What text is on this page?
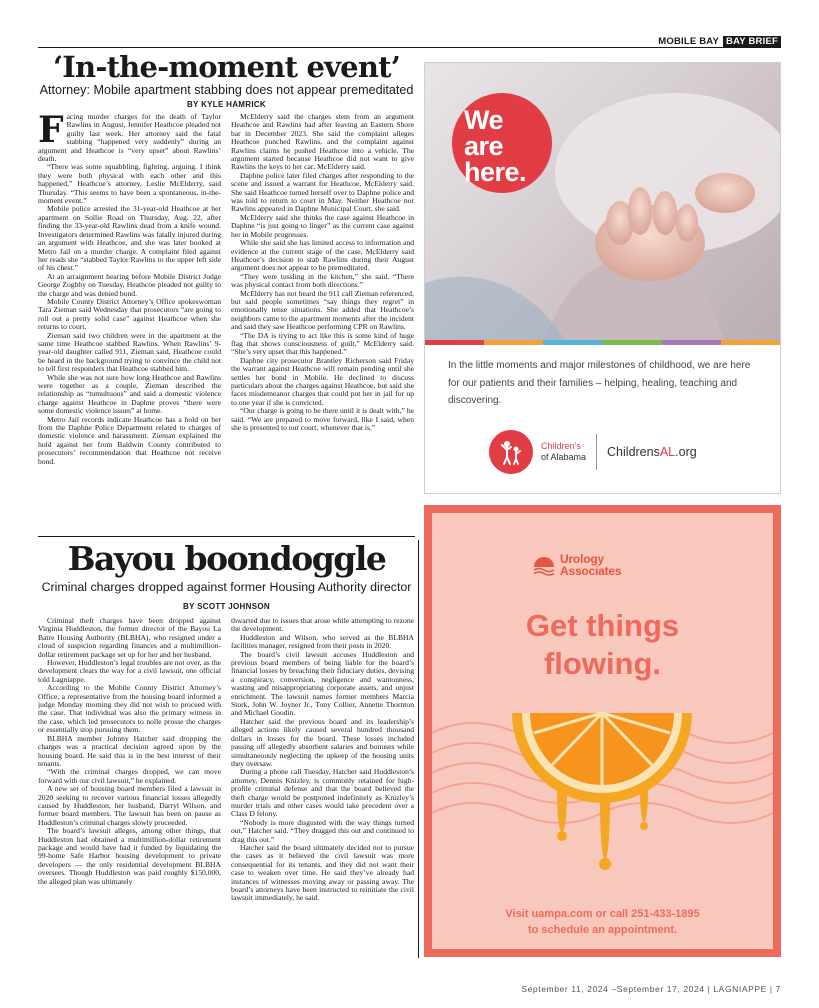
MOBILE BAY BAY BRIEF
‘In-the-moment event’
Attorney: Mobile apartment stabbing does not appear premeditated
BY KYLE HAMRICK

Facing murder charges for the death of Taylor Rawlins in August, Jennifer Heathcoe pleaded not guilty last week. Her attorney said the fatal stabbing “happened very suddenly” during an argument and Heathcoe is “very upset” about Rawlins’ death.

“There was some squabbling, fighting, arguing. I think they were both physical with each other and this happened,” Heathcoe’s attorney, Leslie McElderry, said Thursday. “This seems to have been a spontaneous, in-the-moment event.”

Mobile police arrested the 31-year-old Heathcoe at her apartment on Sollie Road on Thursday, Aug. 22, after finding the 33-year-old Rawlins dead from a knife wound. Investigators determined Rawlins was fatally injured during an argument with Heathcoe, and she was later booked at Metro Jail on a murder charge. A complaint filed against her reads she “stabbed Taylor Rawlins to the upper left side of his chest.”

At an arraignment hearing before Mobile District Judge George Zoghby on Tuesday, Heathcoe pleaded not guilty to the charge and was denied bond.

Mobile County District Attorney’s Office spokeswoman Tara Zieman said Wednesday that prosecutors “are going to roll out a pretty solid case” against Heathcoe when she returns to court.

Zieman said two children were in the apartment at the same time Heathcoe stabbed Rawlins. When Rawlins’ 9-year-old daughter called 911, Zieman said, Heathcoe could be heard in the background trying to convince the child not to tell first responders that Heathcoe stabbed him.

While she was not sure how long Heathcoe and Rawlins were together as a couple, Zieman described the relationship as “tumultuous” and said a domestic violence charge against Heathcoe in Daphne proves “there were some domestic violence issues” at home.

Metro Jail records indicate Heathcoe has a hold on her from the Daphne Police Department related to charges of domestic violence and harassment. Zieman explained the hold against her from Baldwin County contributed to prosecutors’ recommendation that Heathcoe not receive bond.

McElderry said the charges stem from an argument Heathcoe and Rawlins had after leaving an Eastern Shore bar in December 2023. She said the complaint alleges Heathcoe punched Rawlins, and the complaint against Rawlins claims he pushed Heathcoe into a vehicle. The argument started because Heathcoe did not want to give Rawlins the keys to her car, McElderry said.

Daphne police later filed charges after responding to the scene and issued a warrant for Heathcoe, McElderry said. She said Heathcoe turned herself over to Daphne police and was told to return to court in May. Neither Heathcoe nor Rawlins appeared in Daphne Municipal Court, she said.

McElderry said she thinks the case against Heathcoe in Daphne “is just going to linger” as the current case against her in Mobile progresses.

While she said she has limited access to information and evidence at the current stage of the case, McElderry said Heathcoe’s decision to stab Rawlins during their August argument does not appear to be premeditated.

“They were tussling in the kitchen,” she said. “There was physical contact from both directions.”

McElderry has not heard the 911 call Zieman referenced, but said people sometimes “say things they regret” in emotionally tense situations. She added that Heathcoe’s neighbors came to the apartment moments after the incident and said they saw Heathcoe performing CPR on Rawlins.

“The DA is trying to act like this is some kind of huge flag that shows consciousness of guilt,” McElderry said. “She’s very upset that this happened.”

Daphne city prosecutor Brantley Richerson said Friday the warrant against Heathcoe will remain pending until she settles her bond in Mobile. He declined to discuss particulars about the charges against Heathcoe, but said she faces misdemeanor charges that could put her in jail for up to one year if she is convicted.

“Our charge is going to be there until it is dealt with,” he said. “We are prepared to move forward, like I said, when she is presented to our court, whenever that is.”

Bayou boondoggle
Criminal charges dropped against former Housing Authority director
BY SCOTT JOHNSON

Criminal theft charges have been dropped against Virginia Huddleston, the former director of the Bayou La Batre Housing Authority (BLBHA), who resigned under a cloud of suspicion regarding finances and a multimillion-dollar retirement package set up for her and her husband.

However, Huddleston’s legal troubles are not over, as the development clears the way for a civil lawsuit, one official told Lagniappe.

According to the Mobile County District Attorney’s Office, a representative from the housing board informed a judge Monday morning they did not wish to proceed with the case. That individual was also the primary witness in the case, which led prosecutors to nolle prosse the charges or essentially stop pursuing them.

BLBHA member Johnny Hatcher said dropping the charges was a practical decision agreed upon by the housing board. He said this is in the best interest of their tenants.

“With the criminal charges dropped, we can move forward with our civil lawsuit,” he explained.

A new set of housing board members filed a lawsuit in 2020 seeking to recover various financial losses allegedly caused by Huddleston, her husband, Darryl Wilson, and former board members. The lawsuit has been on pause as Huddleston’s criminal charges slowly proceeded.

The board’s lawsuit alleges, among other things, that Huddleston had obtained a multimillion-dollar retirement package and would have had it funded by liquidating the 99-home Safe Harbor housing development to private developers — the only residential development BLBHA oversees. Though Huddleston was paid roughly $150,000, the alleged plan was ultimately

thwarted due to issues that arose while attempting to rezone the development.

Huddleston and Wilson, who served as the BLBHA facilities manager, resigned from their posts in 2020.

The board’s civil lawsuit accuses Huddleston and previous board members of being liable for the board’s financial losses by breaching their fiduciary duties, devising a conspiracy, conversion, negligence and wantonness, wasting and misappropriating corporate assets, and unjust enrichment. The lawsuit names former members Marcia Stork, John W. Joyner Jr., Tony Collier, Annette Thornton and Michael Goodin.

Hatcher said the previous board and its leadership’s alleged actions likely caused several hundred thousand dollars in losses for the board. These losses included passing off allegedly absorbent salaries and bonuses while simultaneously neglecting the upkeep of the housing units they oversaw.

During a phone call Tuesday, Hatcher said Huddleston’s attorney, Dennis Knizley, is commonly retained for high-profile criminal defense and that the board believed the theft charge would be postponed indefinitely as Knizley’s murder trials and other cases would take precedent over a Class D felony.

“Nobody is more disgusted with the way things turned out,” Hatcher said. “They dragged this out and continued to drag this out.”

Hatcher said the board ultimately decided not to pursue the cases as it believed the civil lawsuit was more consequential for its tenants, and they did not want their case to weaken over time. He said they’ve already had instances of witnesses moving away or passing away. The board’s attorneys have been instructed to reinitiate the civil lawsuit immediately, he said.

We
are
here.
In the little moments and major milestones of childhood, we are here for our patients and their families – helping, healing, teaching and discovering.
Children’s
of Alabama ChildrensAL.org
Urology
Associates
Get things
flowing.
Visit uampa.com or call 251-433-1895
to schedule an appointment.
September 11, 2024 –September 17, 2024 | LAGNIAPPE | 7
